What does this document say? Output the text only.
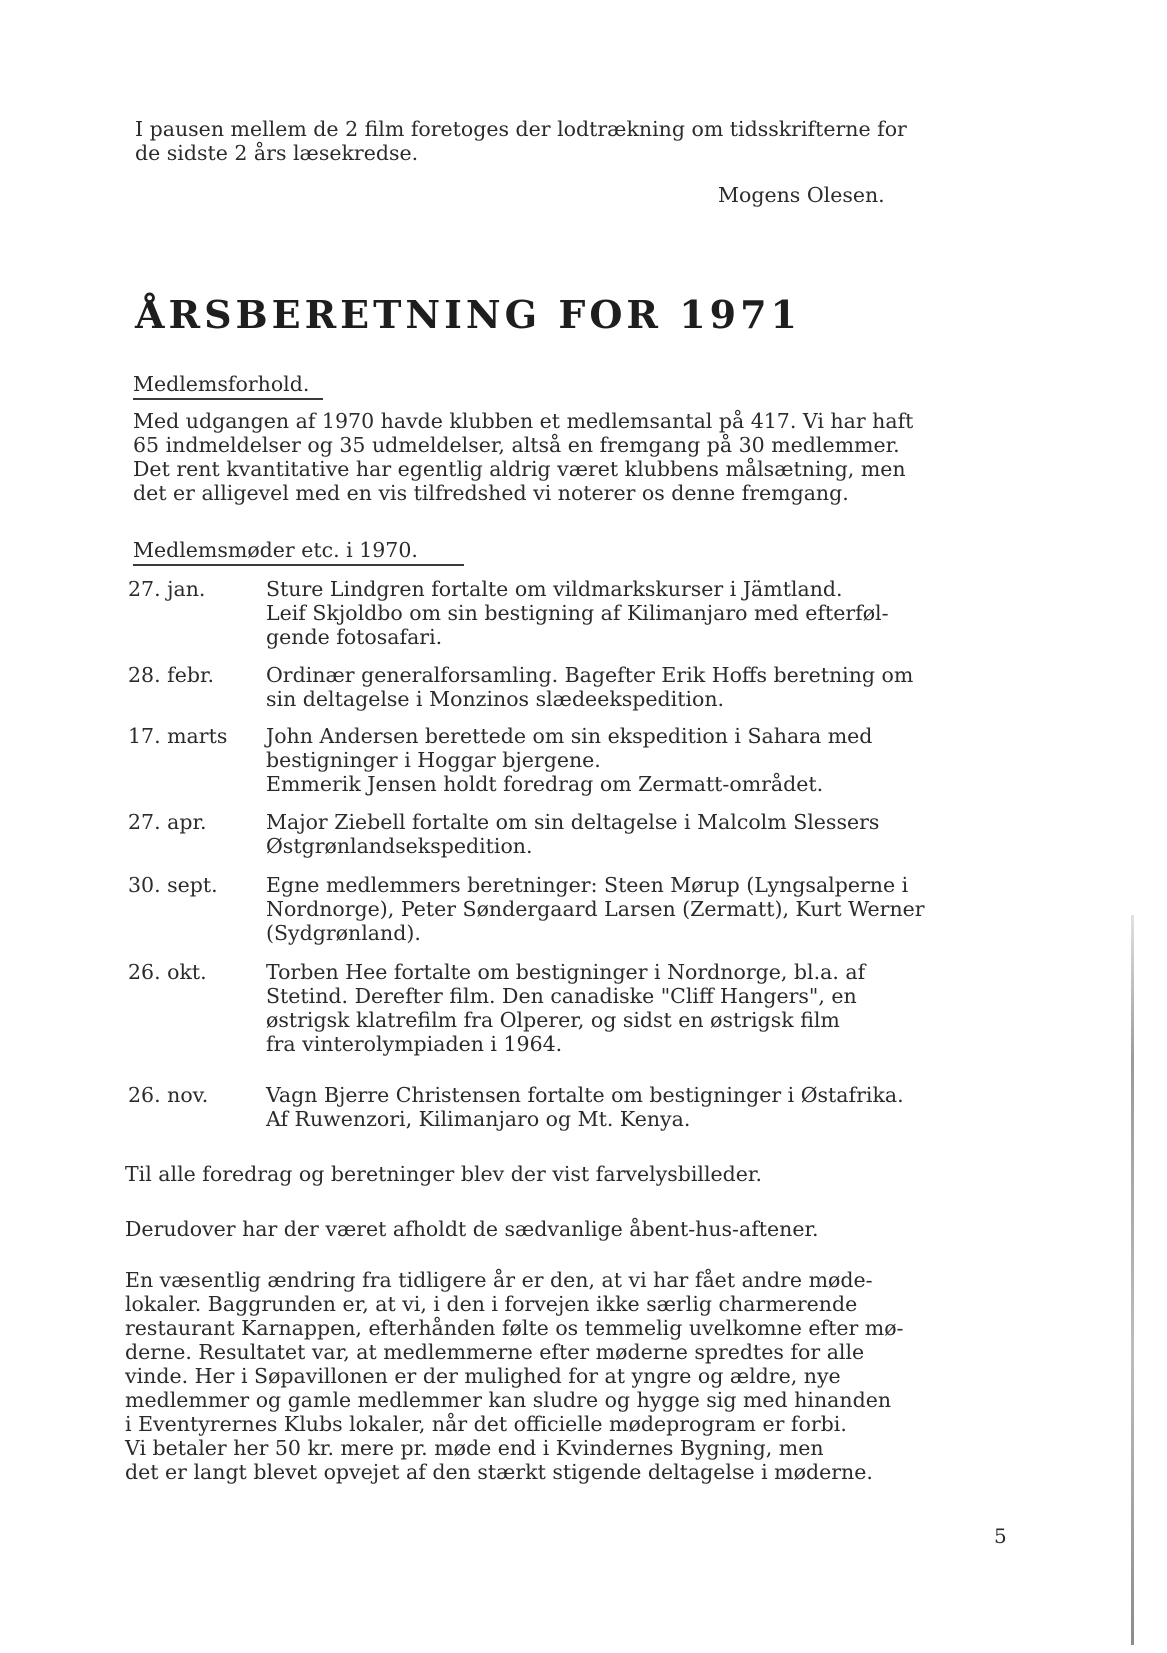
I pausen mellem de 2 film foretoges der lodtrækning om tidsskrifterne for
de sidste 2 års læsekredse.

Mogens Olesen.

ÅRSBERETNING FOR 1971

Medlemsforhold.

Med udgangen af 1970 havde klubben et medlemsantal på 417. Vi har haft
65 indmeldelser og 35 udmeldelser, altså en fremgang på 30 medlemmer.
Det rent kvantitative har egentlig aldrig været klubbens målsætning, men
det er alligevel med en vis tilfredshed vi noterer os denne fremgang.

Medlemsmøder etc. i 1970.

27. jan.	Sture Lindgren fortalte om vildmarkskurser i Jämtland.
Leif Skjoldbo om sin bestigning af Kilimanjaro med efterføl-
gende fotosafari.
28. febr.	Ordinær generalforsamling. Bagefter Erik Hoffs beretning om
sin deltagelse i Monzinos slædeekspedition.
17. marts John Andersen berettede om sin ekspedition i Sahara med
bestigninger i Hoggar bjergene.
Emmerik Jensen holdt foredrag om Zermatt-området.
27. apr.	Major Ziebell fortalte om sin deltagelse i Malcolm Slessers
Østgrønlandsekspedition.
30. sept. Egne medlemmers beretninger: Steen Mørup (Lyngsalperne i
Nordnorge), Peter Søndergaard Larsen (Zermatt), Kurt Werner
(Sydgrønland).
26. okt.	Torben Hee fortalte om bestigninger i Nordnorge, bl.a. af
Stetind. Derefter film. Den canadiske "Cliff Hangers", en
østrigsk klatrefilm fra Olperer, og sidst en østrigsk film
fra vinterolympiaden i 1964.
26. nov.	Vagn Bjerre Christensen fortalte om bestigninger i Østafrika.
Af Ruwenzori, Kilimanjaro og Mt. Kenya.

Til alle foredrag og beretninger blev der vist farvelysbilleder.

Derudover har der været afholdt de sædvanlige åbent-hus-aftener.

En væsentlig ændring fra tidligere år er den, at vi har fået andre møde-
lokaler. Baggrunden er, at vi, i den i forvejen ikke særlig charmerende
restaurant Karnappen, efterhånden følte os temmelig uvelkomne efter mø-
derne. Resultatet var, at medlemmerne efter møderne spredtes for alle
vinde. Her i Søpavillonen er der mulighed for at yngre og ældre, nye
medlemmer og gamle medlemmer kan sludre og hygge sig med hinanden
i Eventyrernes Klubs lokaler, når det officielle mødeprogram er forbi.
Vi betaler her 50 kr. mere pr. møde end i Kvindernes Bygning, men
det er langt blevet opvejet af den stærkt stigende deltagelse i møderne.

5
